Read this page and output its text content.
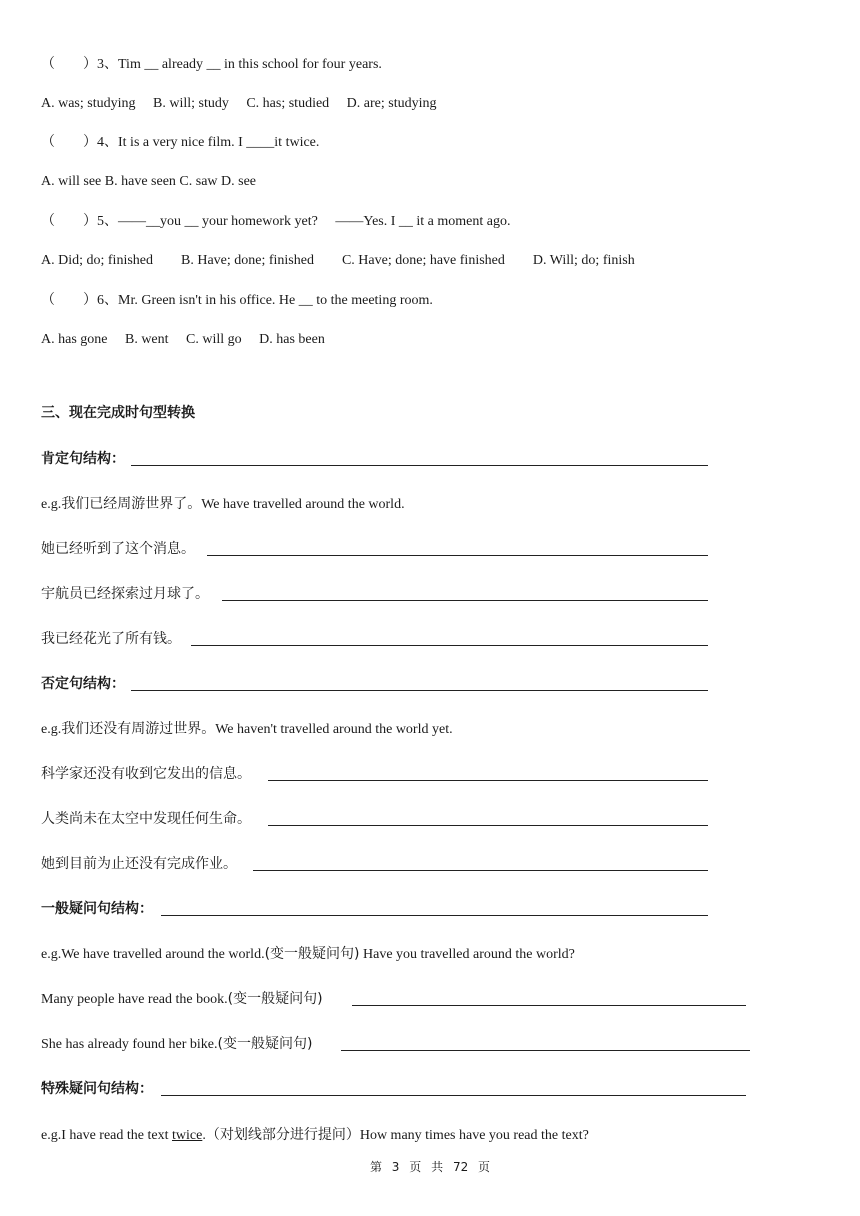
（　　）3、Tim __ already __ in this school for four years.
A. was; studying　 B. will; study　 C. has; studied　 D. are; studying
（　　）4、It is a very nice film. I ____it twice.
A. will see B. have seen C. saw D. see
（　　）5、——__you __ your homework yet?　 ——Yes. I __ it a moment ago.
A. Did; do; finished　　B. Have; done; finished　　C. Have; done; have finished　　D. Will; do; finish
（　　）6、Mr. Green isn't in his office. He __ to the meeting room.
A. has gone　 B. went　 C. will go　 D. has been
三、现在完成时句型转换
肯定句结构：
e.g.我们已经周游世界了。We have travelled around the world.
她已经听到了这个消息。
宇航员已经探索过月球了。
我已经花光了所有钱。
否定句结构：
e.g.我们还没有周游过世界。We haven't travelled around the world yet.
科学家还没有收到它发出的信息。
人类尚未在太空中发现任何生命。
她到目前为止还没有完成作业。
一般疑问句结构：
e.g.We have travelled around the world.(变一般疑问句) Have you travelled around the world?
Many people have read the book.(变一般疑问句)
She has already found her bike.(变一般疑问句)
特殊疑问句结构：
e.g.I have read the text twice.（对划线部分进行提问）How many times have you read the text?
第 3 页 共 72 页
